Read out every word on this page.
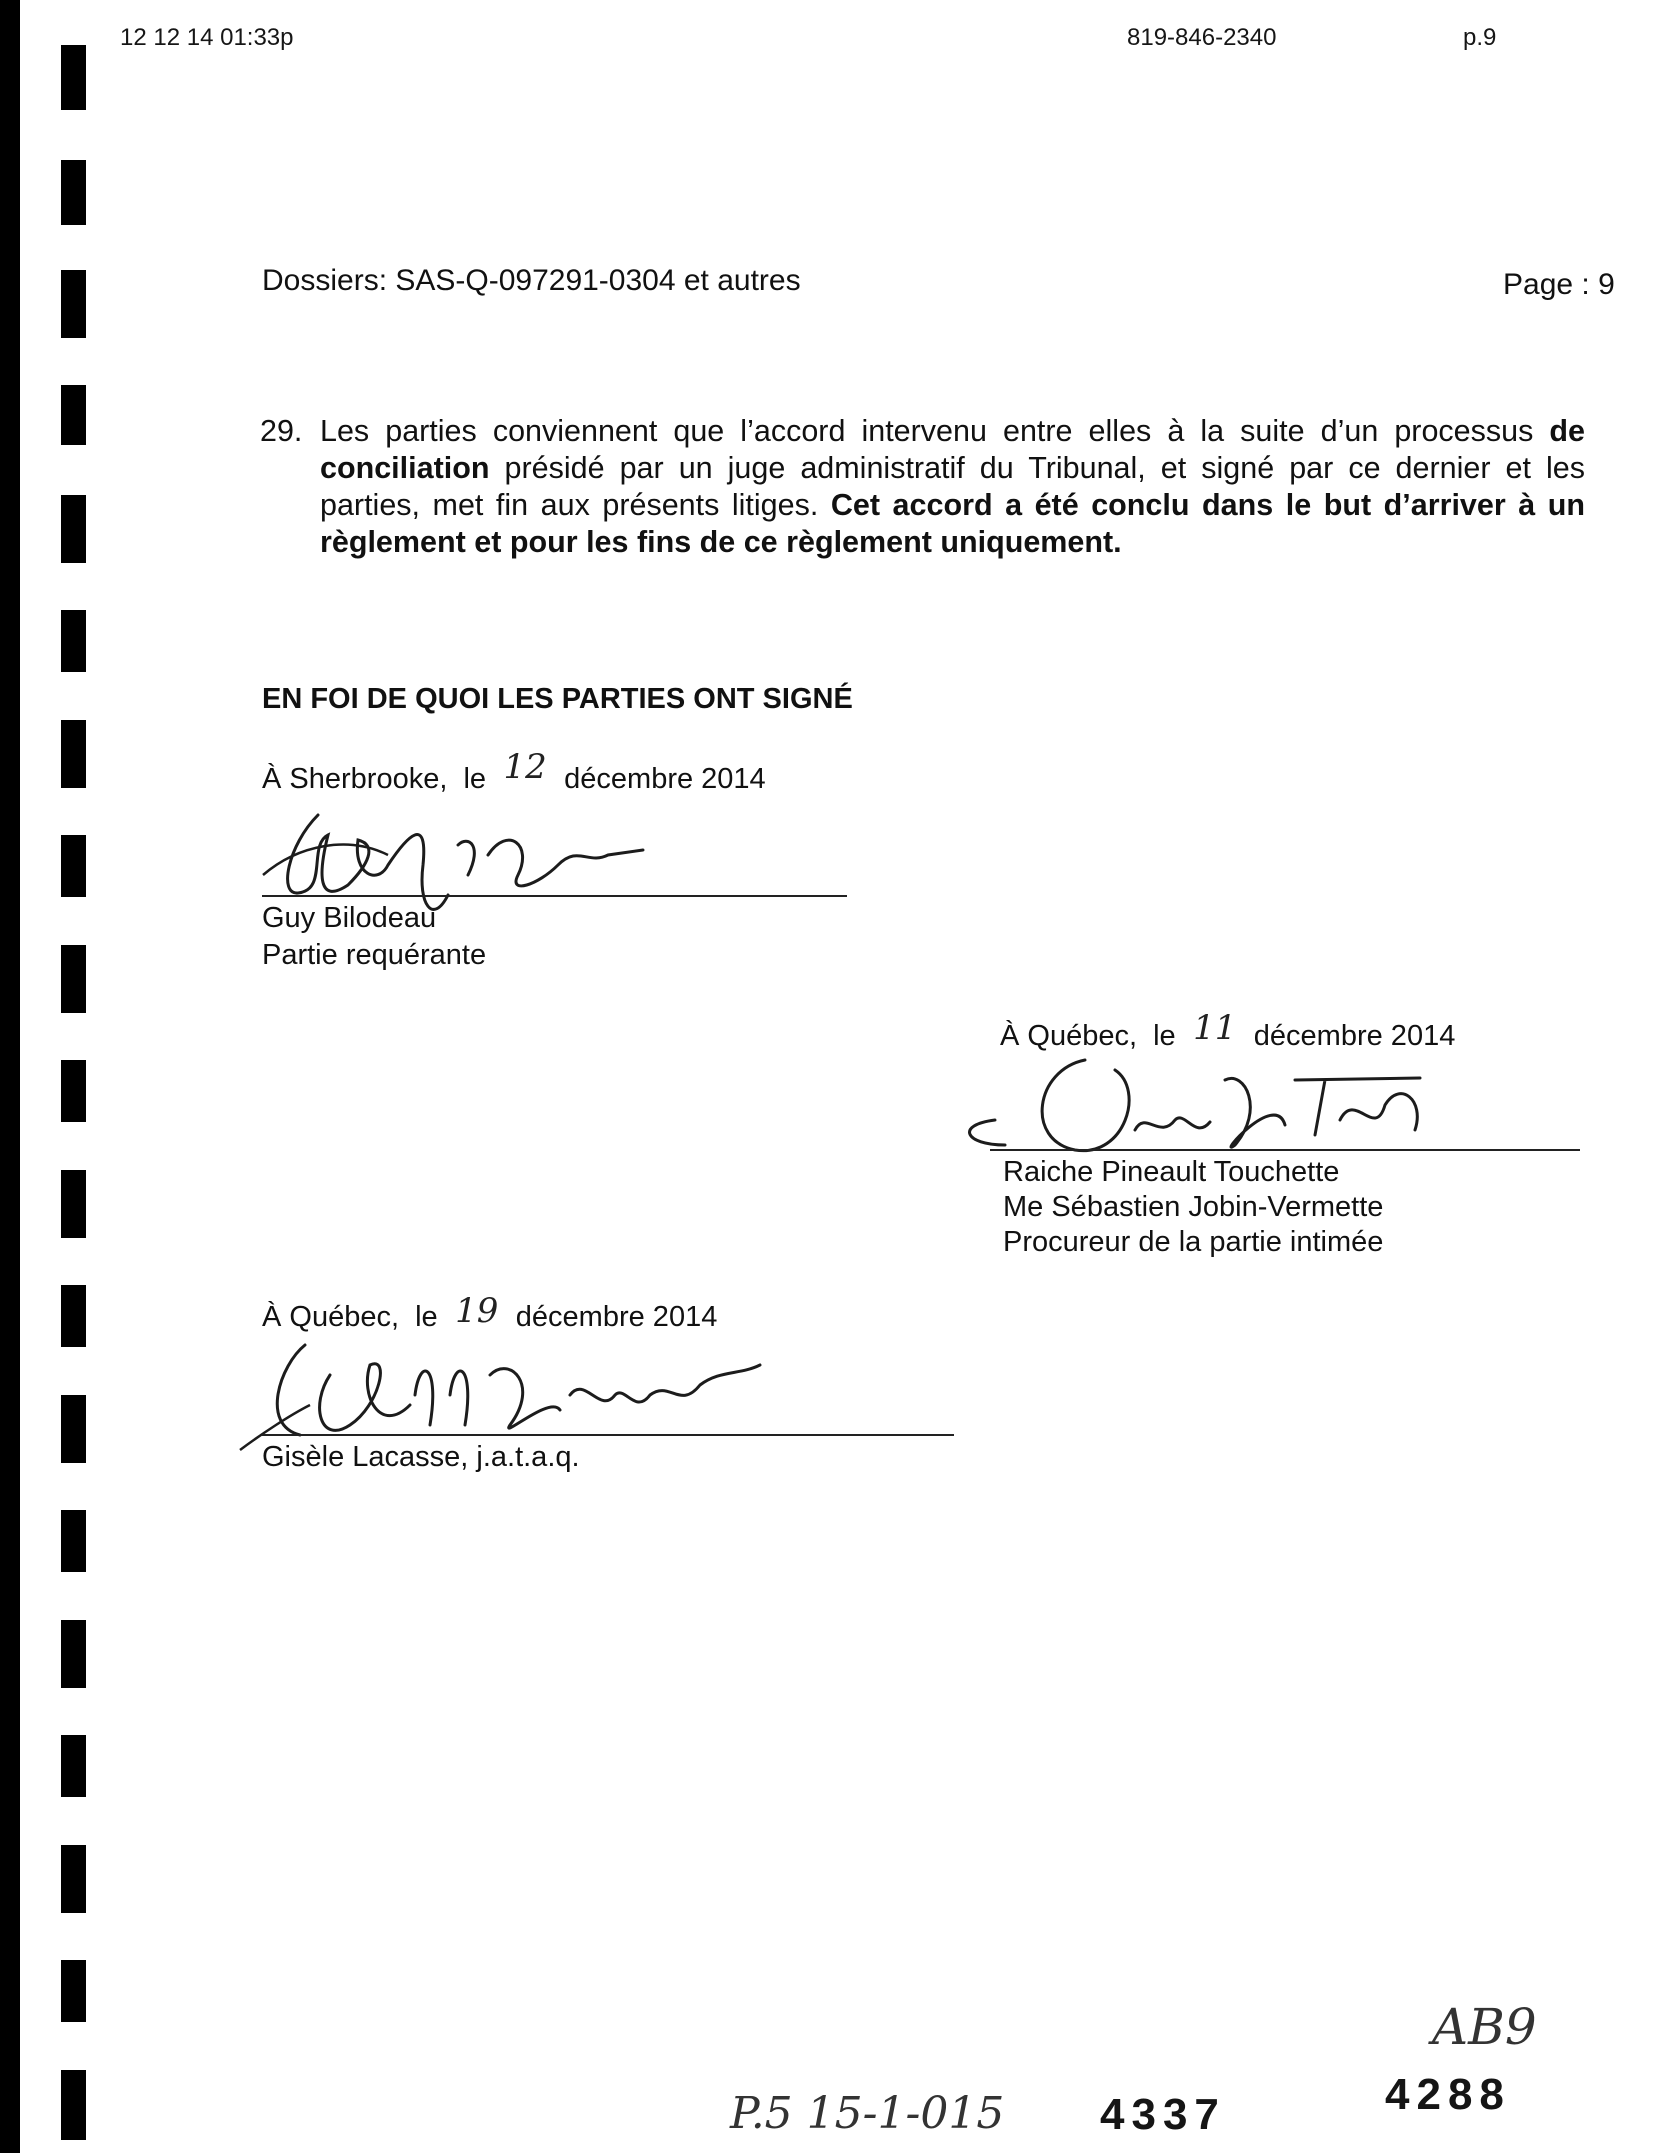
12 12 14 01:33p	819-846-2340	p.9
Dossiers: SAS-Q-097291-0304 et autres	Page : 9
29. Les parties conviennent que l’accord intervenu entre elles à la suite d’un processus de conciliation présidé par un juge administratif du Tribunal, et signé par ce dernier et les parties, met fin aux présents litiges. Cet accord a été conclu dans le but d’arriver à un règlement et pour les fins de ce règlement uniquement.
EN FOI DE QUOI LES PARTIES ONT SIGNÉ
À Sherbrooke, le 12 décembre 2014
Guy Bilodeau
Partie requérante
À Québec, le 11 décembre 2014
Raiche Pineault Touchette
Me Sébastien Jobin-Vermette
Procureur de la partie intimée
À Québec, le 19 décembre 2014
Gisèle Lacasse, j.a.t.a.q.
P.5 15-1-015 4337	4288
AB9
